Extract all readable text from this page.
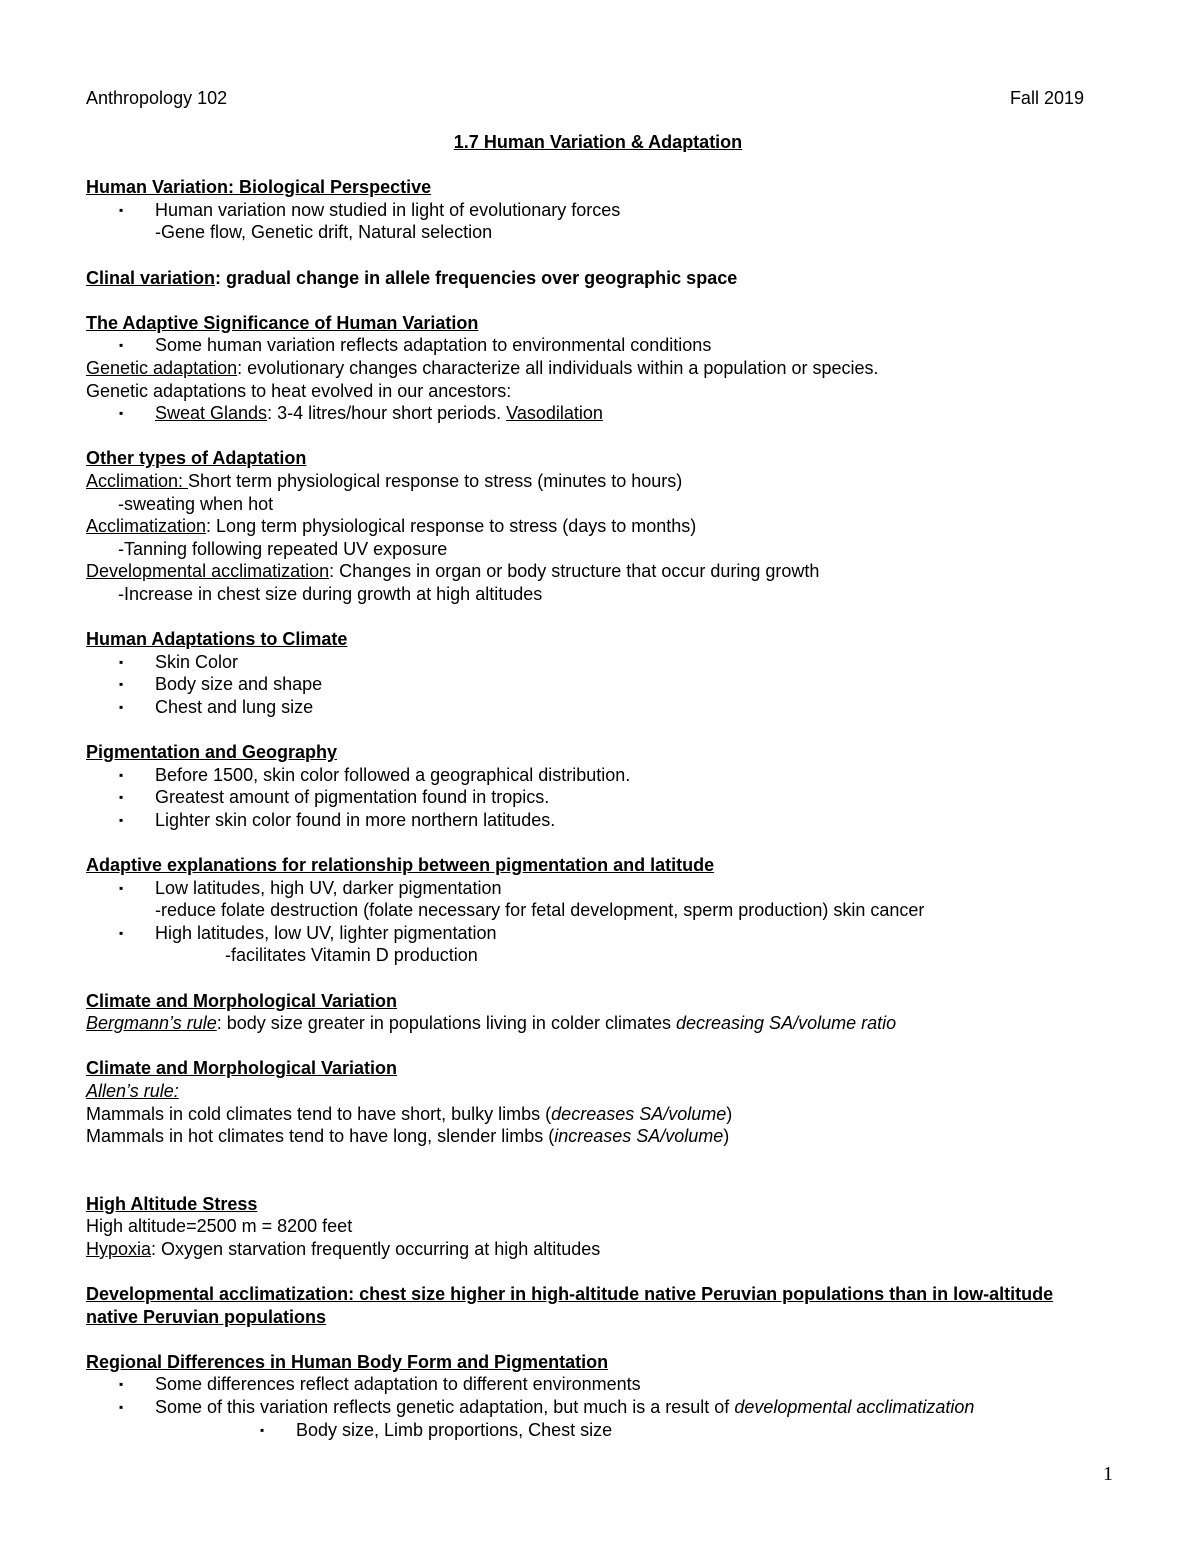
Anthropology 102	Fall 2019
1.7 Human Variation & Adaptation
Human Variation: Biological Perspective
▪ Human variation now studied in light of evolutionary forces
-Gene flow, Genetic drift, Natural selection
Clinal variation: gradual change in allele frequencies over geographic space
The Adaptive Significance of Human Variation
▪ Some human variation reflects adaptation to environmental conditions
Genetic adaptation: evolutionary changes characterize all individuals within a population or species.
Genetic adaptations to heat evolved in our ancestors:
▪ Sweat Glands: 3-4 litres/hour short periods. Vasodilation
Other types of Adaptation
Acclimation: Short term physiological response to stress (minutes to hours)
-sweating when hot
Acclimatization: Long term physiological response to stress (days to months)
-Tanning following repeated UV exposure
Developmental acclimatization: Changes in organ or body structure that occur during growth
-Increase in chest size during growth at high altitudes
Human Adaptations to Climate
▪ Skin Color
▪ Body size and shape
▪ Chest and lung size
Pigmentation and Geography
▪ Before 1500, skin color followed a geographical distribution.
▪ Greatest amount of pigmentation found in tropics.
▪ Lighter skin color found in more northern latitudes.
Adaptive explanations for relationship between pigmentation and latitude
▪ Low latitudes, high UV, darker pigmentation
-reduce folate destruction (folate necessary for fetal development, sperm production) skin cancer
▪ High latitudes, low UV, lighter pigmentation
-facilitates Vitamin D production
Climate and Morphological Variation
Bergmann’s rule: body size greater in populations living in colder climates decreasing SA/volume ratio
Climate and Morphological Variation
Allen’s rule:
Mammals in cold climates tend to have short, bulky limbs (decreases SA/volume)
Mammals in hot climates tend to have long, slender limbs (increases SA/volume)
High Altitude Stress
High altitude=2500 m = 8200 feet
Hypoxia: Oxygen starvation frequently occurring at high altitudes
Developmental acclimatization: chest size higher in high-altitude native Peruvian populations than in low-altitude native Peruvian populations
Regional Differences in Human Body Form and Pigmentation
▪ Some differences reflect adaptation to different environments
▪ Some of this variation reflects genetic adaptation, but much is a result of developmental acclimatization
▪ Body size, Limb proportions, Chest size
1
